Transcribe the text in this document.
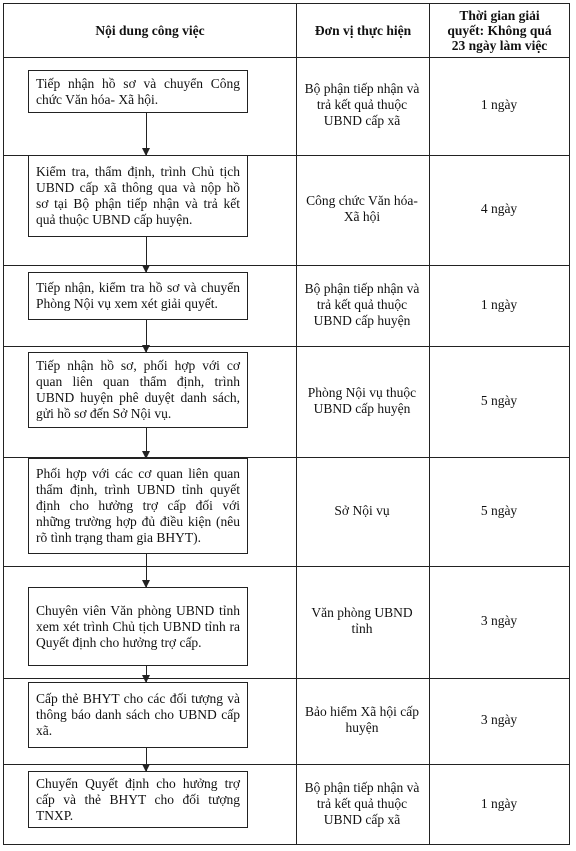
Nội dung công việc	Đơn vị thực hiện
Thời gian giải
quyết: Không quá
23 ngày làm việc
Tiếp nhận hồ sơ và chuyển Công chức Văn hóa- Xã hội.
Bộ phận tiếp nhận và trả kết quả thuộc UBND cấp xã
1 ngày
Kiểm tra, thẩm định, trình Chủ tịch UBND cấp xã thông qua và nộp hồ sơ tại Bộ phận tiếp nhận và trả kết quả thuộc UBND cấp huyện.
Công chức Văn hóa- Xã hội
4 ngày
Tiếp nhận, kiểm tra hồ sơ và chuyển Phòng Nội vụ xem xét giải quyết.
Bộ phận tiếp nhận và trả kết quả thuộc UBND cấp huyện
1 ngày
Tiếp nhận hồ sơ, phối hợp với cơ quan liên quan thẩm định, trình UBND huyện phê duyệt danh sách, gửi hồ sơ đến Sở Nội vụ.
Phòng Nội vụ thuộc UBND cấp huyện
5 ngày
Phối hợp với các cơ quan liên quan thẩm định, trình UBND tỉnh quyết định cho hưởng trợ cấp đối với những trường hợp đủ điều kiện (nêu rõ tình trạng tham gia BHYT).
Sở Nội vụ	5 ngày
Chuyên viên Văn phòng UBND tỉnh xem xét trình Chủ tịch UBND tỉnh ra Quyết định cho hưởng trợ cấp.
Văn phòng UBND tỉnh
3 ngày
Cấp thẻ BHYT cho các đối tượng và thông báo danh sách cho UBND cấp xã.
Bảo hiểm Xã hội cấp huyện
3 ngày
Chuyển Quyết định cho hưởng trợ cấp và thẻ BHYT cho đối tượng TNXP.
Bộ phận tiếp nhận và trả kết quả thuộc UBND cấp xã
1 ngày
